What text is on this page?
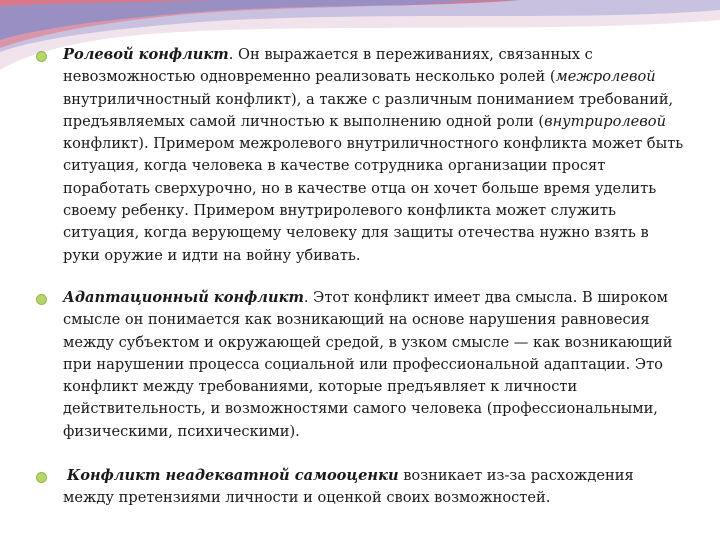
Ролевой конфликт. Он выражается в переживаниях, связанных с невозможностью одновременно реализовать несколько ролей (межролевой внутриличностный конфликт), а также с различным пониманием требований, предъявляемых самой личностью к выполнению одной роли (внутриролевой конфликт). Примером межролевого внутриличностного конфликта может быть ситуация, когда человека в качестве сотрудника организации просят поработать сверхурочно, но в качестве отца он хочет больше время уделить своему ребенку. Примером внутриролевого конфликта может служить ситуация, когда верующему человеку для защиты отечества нужно взять в руки оружие и идти на войну убивать.
Адаптационный конфликт. Этот конфликт имеет два смысла. В широком смысле он понимается как возникающий на основе нарушения равновесия между субъектом и окружающей средой, в узком смысле — как возникающий при нарушении процесса социальной или профессиональной адаптации. Это конфликт между требованиями, которые предъявляет к личности действительность, и возможностями самого человека (профессиональными, физическими, психическими).
Конфликт неадекватной самооценки возникает из-за расхождения между претензиями личности и оценкой своих возможностей.
